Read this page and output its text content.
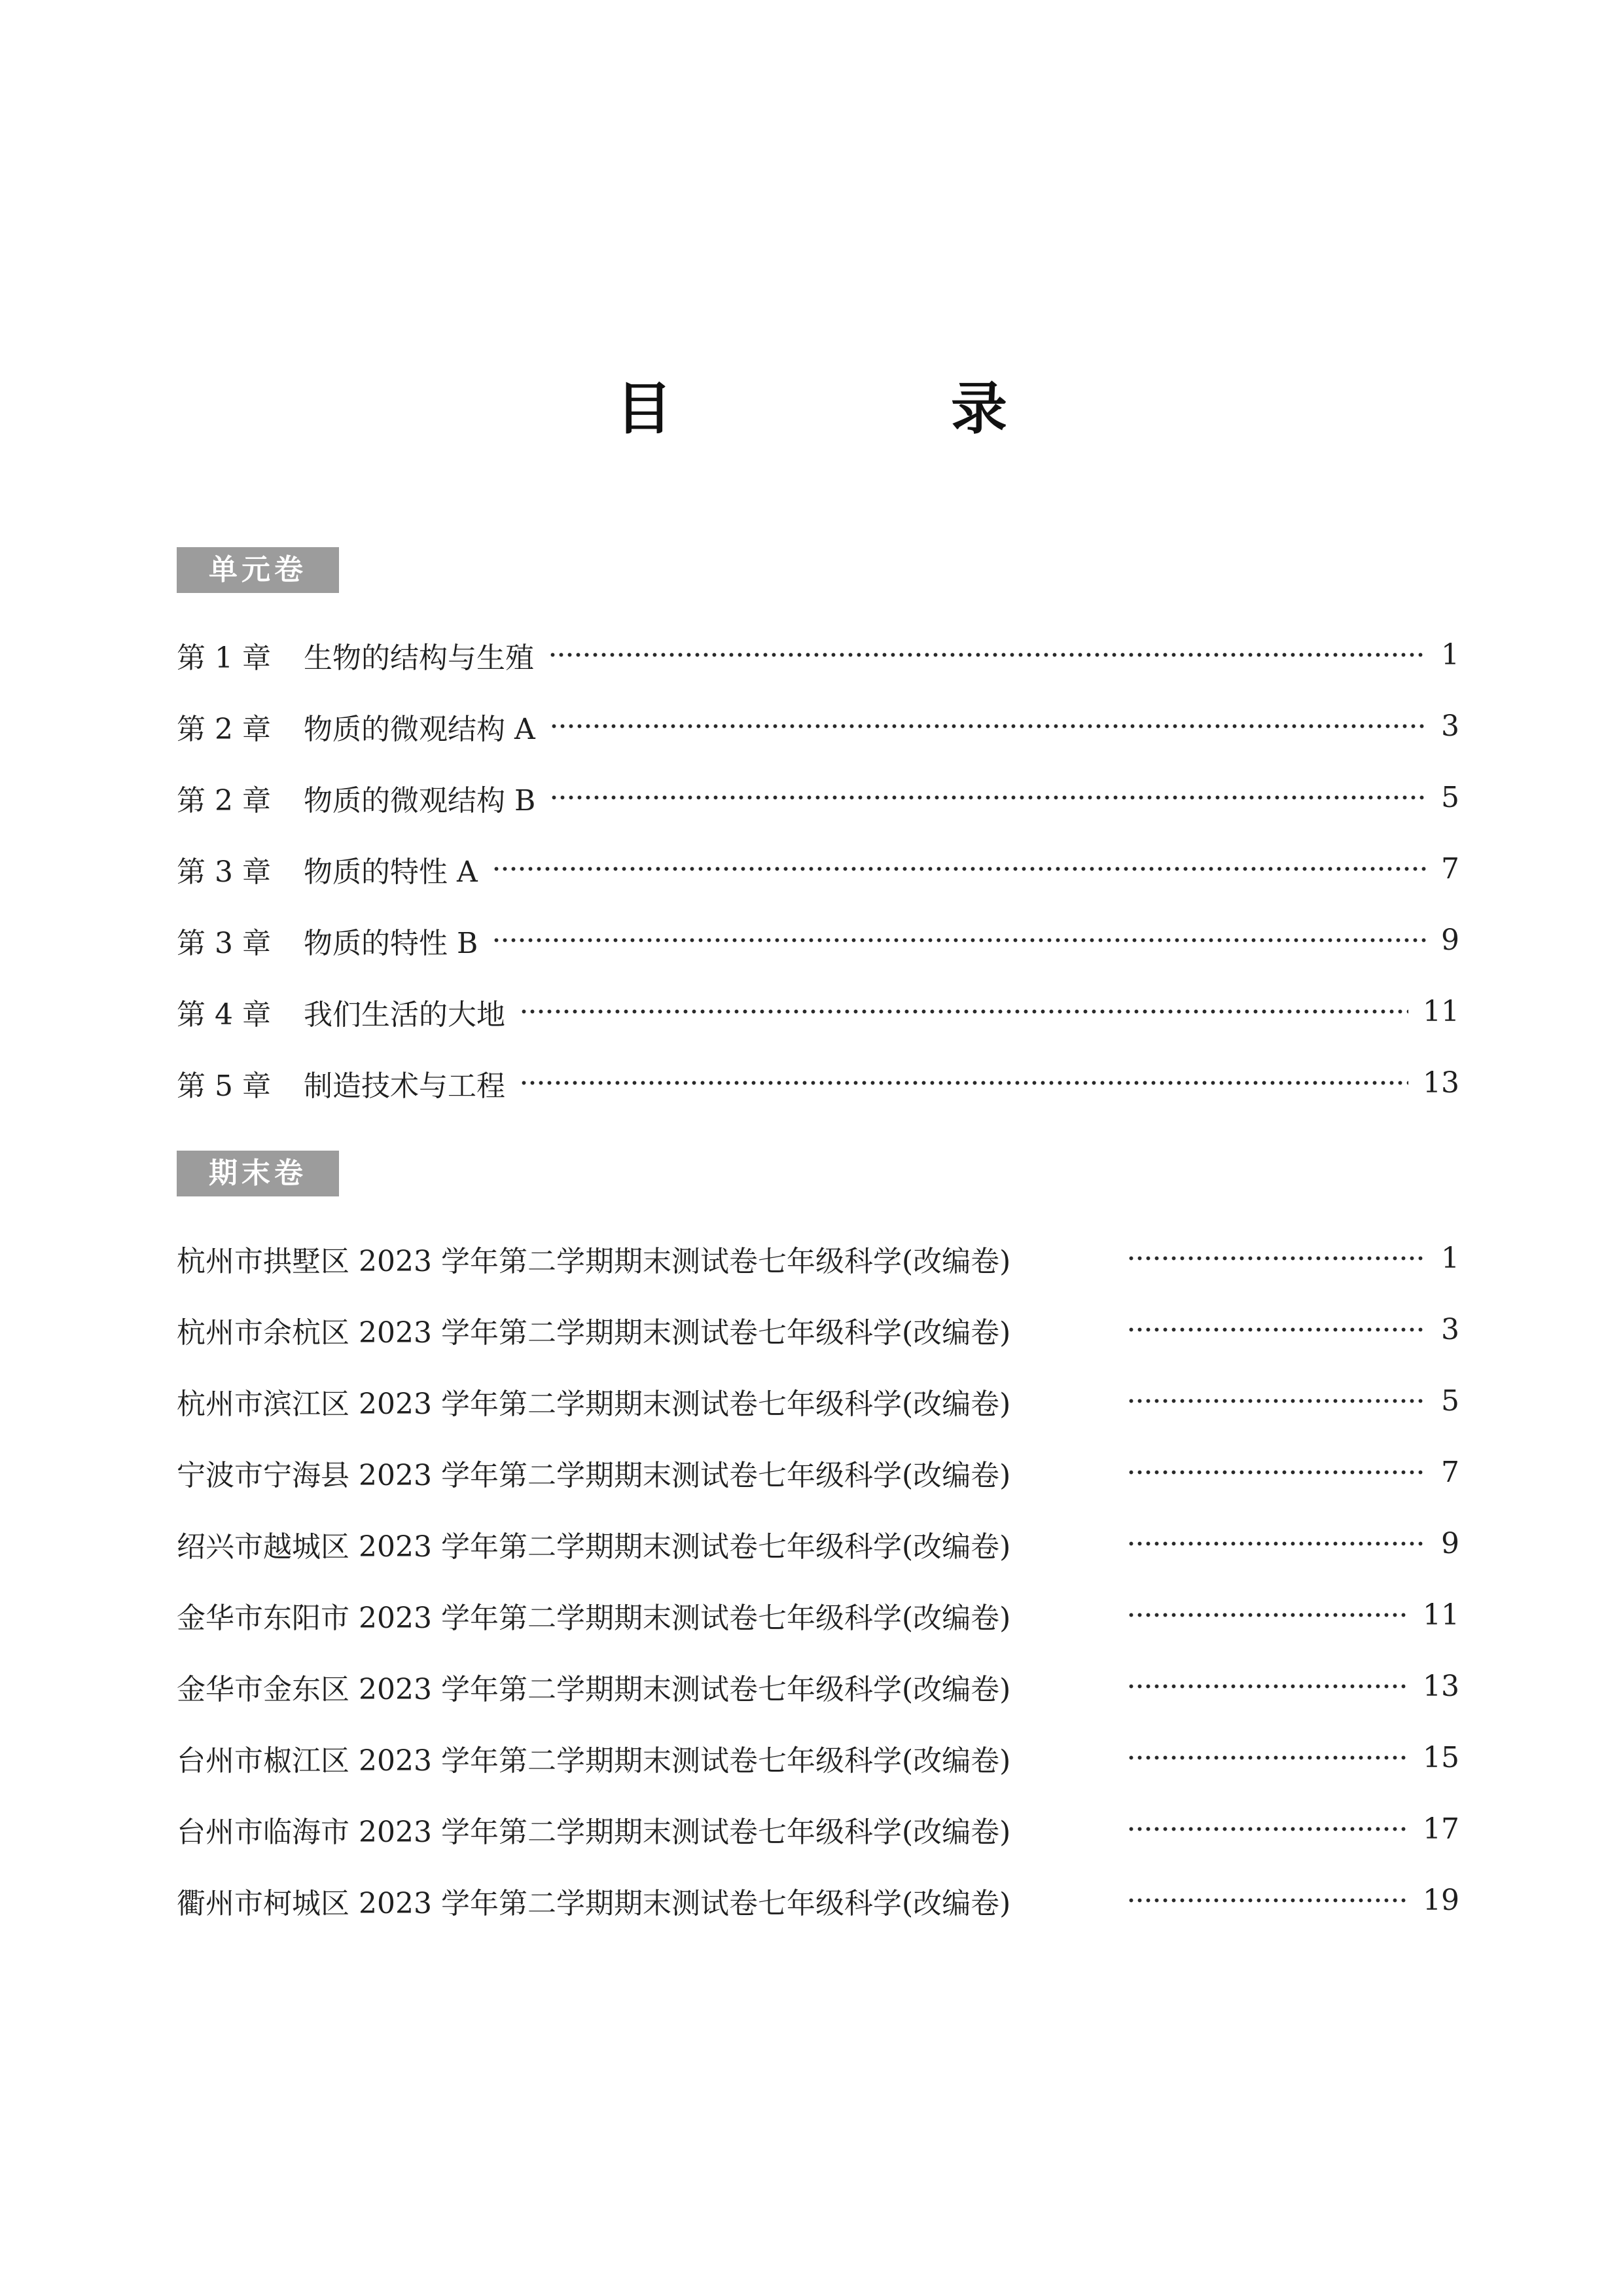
目　录
单元卷
第 1 章 生物的结构与生殖	1
第 2 章 物质的微观结构 A	3
第 2 章 物质的微观结构 B	5
第 3 章 物质的特性 A	7
第 3 章 物质的特性 B	9
第 4 章 我们生活的大地	11
第 5 章 制造技术与工程	13
期末卷
杭州市拱墅区 2023 学年第二学期期末测试卷七年级科学(改编卷)	1
杭州市余杭区 2023 学年第二学期期末测试卷七年级科学(改编卷)	3
杭州市滨江区 2023 学年第二学期期末测试卷七年级科学(改编卷)	5
宁波市宁海县 2023 学年第二学期期末测试卷七年级科学(改编卷)	7
绍兴市越城区 2023 学年第二学期期末测试卷七年级科学(改编卷)	9
金华市东阳市 2023 学年第二学期期末测试卷七年级科学(改编卷)	11
金华市金东区 2023 学年第二学期期末测试卷七年级科学(改编卷)	13
台州市椒江区 2023 学年第二学期期末测试卷七年级科学(改编卷)	15
台州市临海市 2023 学年第二学期期末测试卷七年级科学(改编卷)	17
衢州市柯城区 2023 学年第二学期期末测试卷七年级科学(改编卷)	19
